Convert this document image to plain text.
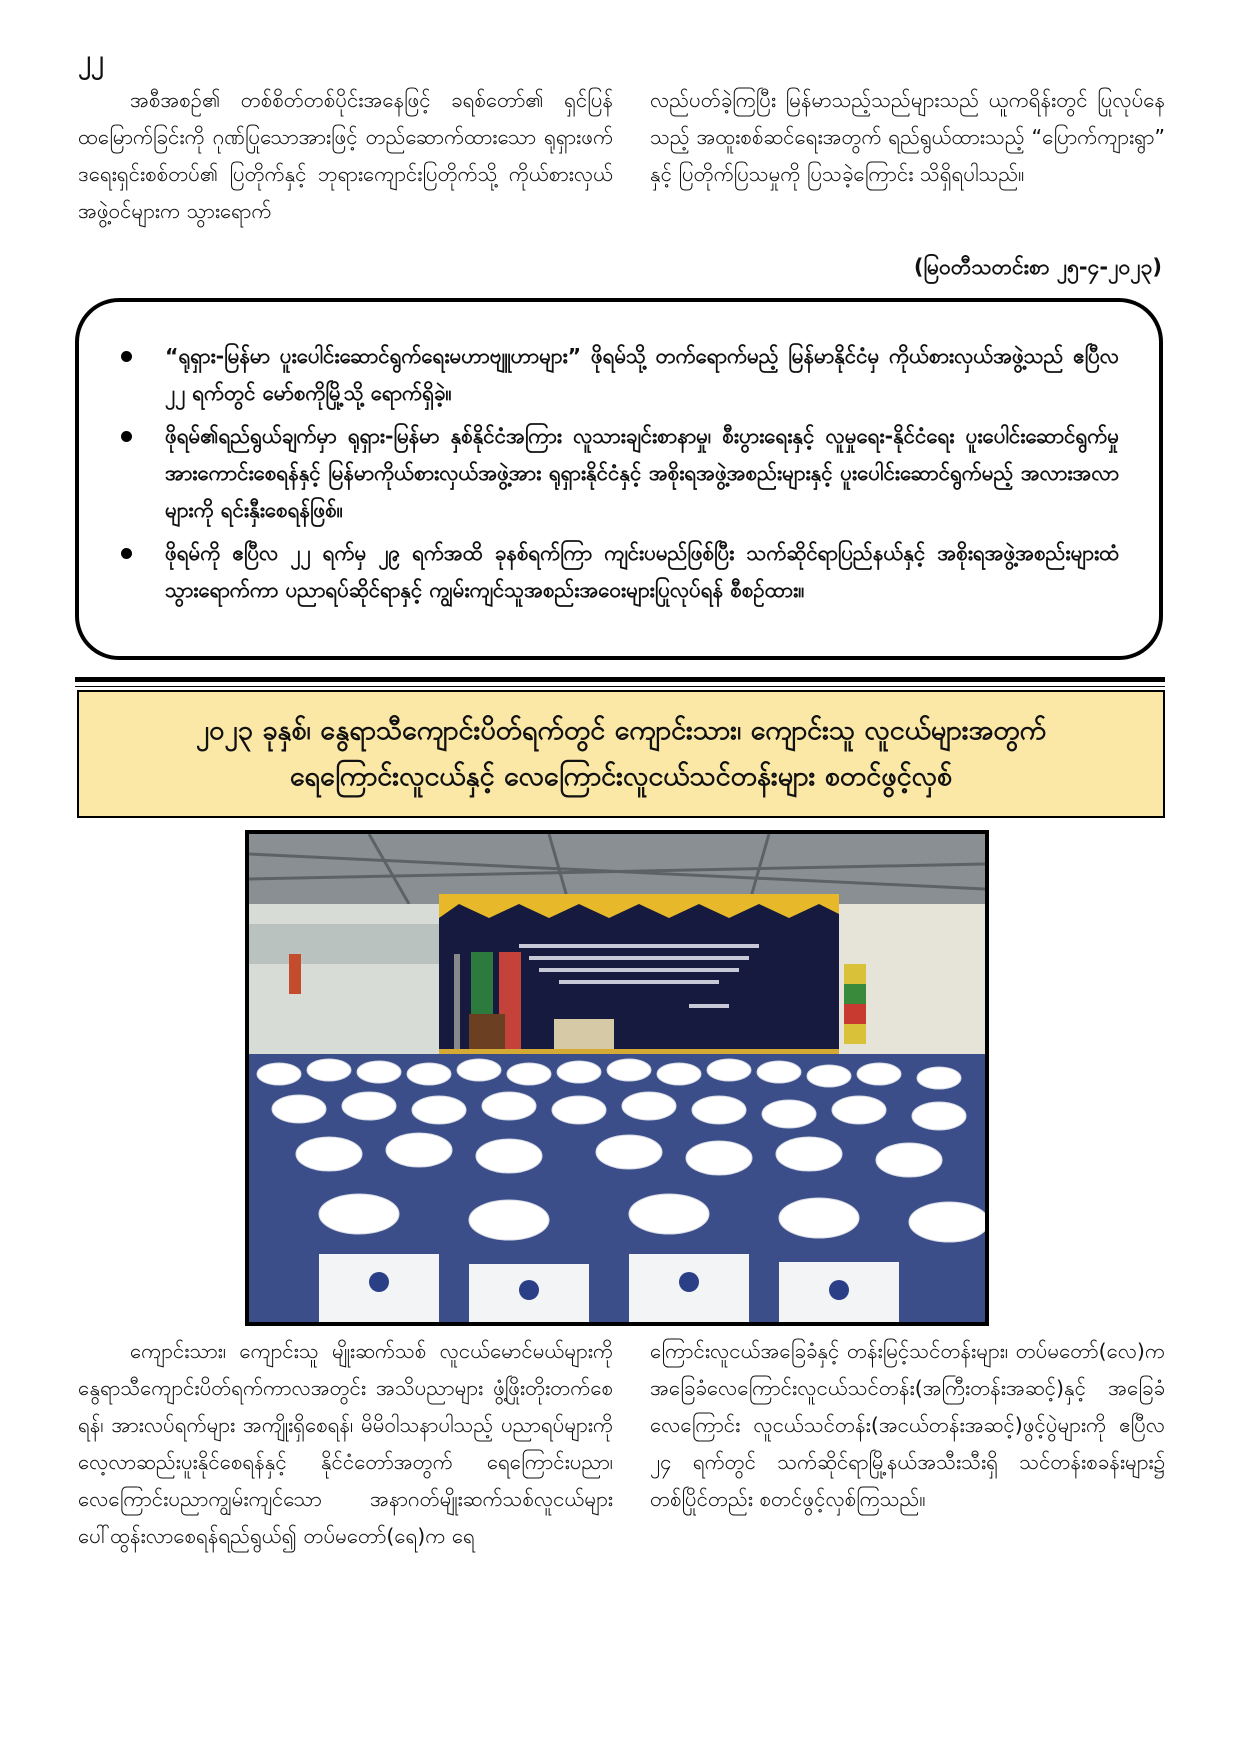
၂၂

အစီအစဉ်၏ တစ်စိတ်တစ်ပိုင်းအနေဖြင့် ခရစ်တော်၏ ရှင်ပြန်ထမြောက်ခြင်းကို ဂုဏ်ပြုသောအားဖြင့် တည်ဆောက်ထားသော ရုရှားဖက်ဒရေးရှင်းစစ်တပ်၏ ပြတိုက်နှင့် ဘုရားကျောင်းပြတိုက်သို့ ကိုယ်စားလှယ်အဖွဲ့ဝင်များက သွားရောက်

လည်ပတ်ခဲ့ကြပြီး မြန်မာသည့်သည်များသည် ယူကရိန်းတွင် ပြုလုပ်နေသည့် အထူးစစ်ဆင်ရေးအတွက် ရည်ရွယ်ထားသည့် “ပြောက်ကျားရွာ” နှင့် ပြတိုက်ပြသမှုကို ပြသခဲ့ကြောင်း သိရှိရပါသည်။

(မြဝတီသတင်းစာ ၂၅-၄-၂၀၂၃)
“ရုရှား-မြန်မာ ပူးပေါင်းဆောင်ရွက်ရေးမဟာဗျူဟာများ” ဖိုရမ်သို့ တက်ရောက်မည့် မြန်မာနိုင်ငံမှ ကိုယ်စားလှယ်အဖွဲ့သည် ဧပြီလ ၂၂ ရက်တွင် မော်စကိုမြို့သို့ ရောက်ရှိခဲ့။
ဖိုရမ်၏ရည်ရွယ်ချက်မှာ ရုရှား-မြန်မာ နှစ်နိုင်ငံအကြား လူသားချင်းစာနာမှု၊ စီးပွားရေးနှင့် လူမှုရေး-နိုင်ငံရေး ပူးပေါင်းဆောင်ရွက်မှု အားကောင်းစေရန်နှင့် မြန်မာကိုယ်စားလှယ်အဖွဲ့အား ရုရှားနိုင်ငံနှင့် အစိုးရအဖွဲ့အစည်းများနှင့် ပူးပေါင်းဆောင်ရွက်မည့် အလားအလာများကို ရင်းနှီးစေရန်ဖြစ်။
ဖိုရမ်ကို ဧပြီလ ၂၂ ရက်မှ ၂၉ ရက်အထိ ခုနစ်ရက်ကြာ ကျင်းပမည်ဖြစ်ပြီး သက်ဆိုင်ရာပြည်နယ်နှင့် အစိုးရအဖွဲ့အစည်းများထံ သွားရောက်ကာ ပညာရပ်ဆိုင်ရာနှင့် ကျွမ်းကျင်သူအစည်းအဝေးများပြုလုပ်ရန် စီစဉ်ထား။
၂၀၂၃ ခုနှစ်၊ နွေရာသီကျောင်းပိတ်ရက်တွင် ကျောင်းသား၊ ကျောင်းသူ လူငယ်များအတွက်
ရေကြောင်းလူငယ်နှင့် လေကြောင်းလူငယ်သင်တန်းများ စတင်ဖွင့်လှစ်

ကျောင်းသား၊ ကျောင်းသူ မျိုးဆက်သစ် လူငယ်မောင်မယ်များကို နွေရာသီကျောင်းပိတ်ရက်ကာလအတွင်း အသိပညာများ ဖွံ့ဖြိုးတိုးတက်စေရန်၊ အားလပ်ရက်များ အကျိုးရှိစေရန်၊ မိမိဝါသနာပါသည့် ပညာရပ်များကို လေ့လာဆည်းပူးနိုင်စေရန်နှင့် နိုင်ငံတော်အတွက် ရေကြောင်းပညာ၊ လေကြောင်းပညာကျွမ်းကျင်သော အနာဂတ်မျိုးဆက်သစ်လူငယ်များ ပေါ်ထွန်းလာစေရန်ရည်ရွယ်၍ တပ်မတော်(ရေ)က ရေ

ကြောင်းလူငယ်အခြေခံနှင့် တန်းမြင့်သင်တန်းများ၊ တပ်မတော်(လေ)က အခြေခံလေကြောင်းလူငယ်သင်တန်း(အကြီးတန်းအဆင့်)နှင့် အခြေခံလေကြောင်း လူငယ်သင်တန်း(အငယ်တန်းအဆင့်)ဖွင့်ပွဲများကို ဧပြီလ ၂၄ ရက်တွင် သက်ဆိုင်ရာမြို့နယ်အသီးသီးရှိ သင်တန်းစခန်းများ၌ တစ်ပြိုင်တည်း စတင်ဖွင့်လှစ်ကြသည်။
